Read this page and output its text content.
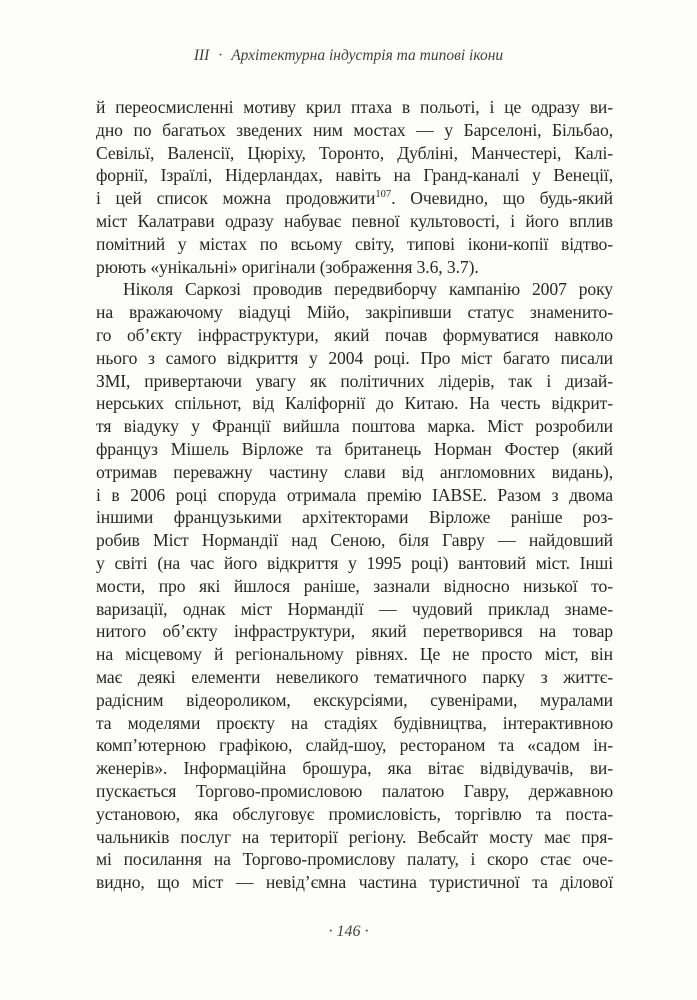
III · Архітектурна індустрія та типові ікони
й переосмисленні мотиву крил птаха в польоті, і це одразу ви-
дно по багатьох зведених ним мостах — у Барселоні, Більбао,
Севільї, Валенсії, Цюріху, Торонто, Дубліні, Манчестері, Калі-
форнії, Ізраїлі, Нідерландах, навіть на Гранд-каналі у Венеції,
і цей список можна продовжити$^{107}$. Очевидно, що будь-який
міст Калатрави одразу набуває певної культовості, і його вплив
помітний у містах по всьому світу, типові ікони-копії відтво-
рюють «унікальні» оригінали (зображення 3.6, 3.7).
Ніколя Саркозі проводив передвиборчу кампанію 2007 року
на вражаючому віадуці Мійо, закріпивши статус знаменито-
го об’єкту інфраструктури, який почав формуватися навколо
нього з самого відкриття у 2004 році. Про міст багато писали
ЗМІ, привертаючи увагу як політичних лідерів, так і дизай-
нерських спільнот, від Каліфорнії до Китаю. На честь відкрит-
тя віадуку у Франції вийшла поштова марка. Міст розробили
француз Мішель Вірложе та британець Норман Фостер (який
отримав переважну частину слави від англомовних видань),
і в 2006 році споруда отримала премію IABSE. Разом з двома
іншими французькими архітекторами Вірложе раніше роз-
робив Міст Нормандії над Сеною, біля Гавру — найдовший
у світі (на час його відкриття у 1995 році) вантовий міст. Інші
мости, про які йшлося раніше, зазнали відносно низької то-
варизації, однак міст Нормандії — чудовий приклад знаме-
нитого об’єкту інфраструктури, який перетворився на товар
на місцевому й регіональному рівнях. Це не просто міст, він
має деякі елементи невеликого тематичного парку з життє-
радісним відеороликом, екскурсіями, сувенірами, муралами
та моделями проєкту на стадіях будівництва, інтерактивною
комп’ютерною графікою, слайд-шоу, рестораном та «садом ін-
женерів». Інформаційна брошура, яка вітає відвідувачів, ви-
пускається Торгово-промисловою палатою Гавру, державною
установою, яка обслуговує промисловість, торгівлю та поста-
чальників послуг на території регіону. Вебсайт мосту має пря-
мі посилання на Торгово-промислову палату, і скоро стає оче-
видно, що міст — невід’ємна частина туристичної та ділової
· 146 ·
